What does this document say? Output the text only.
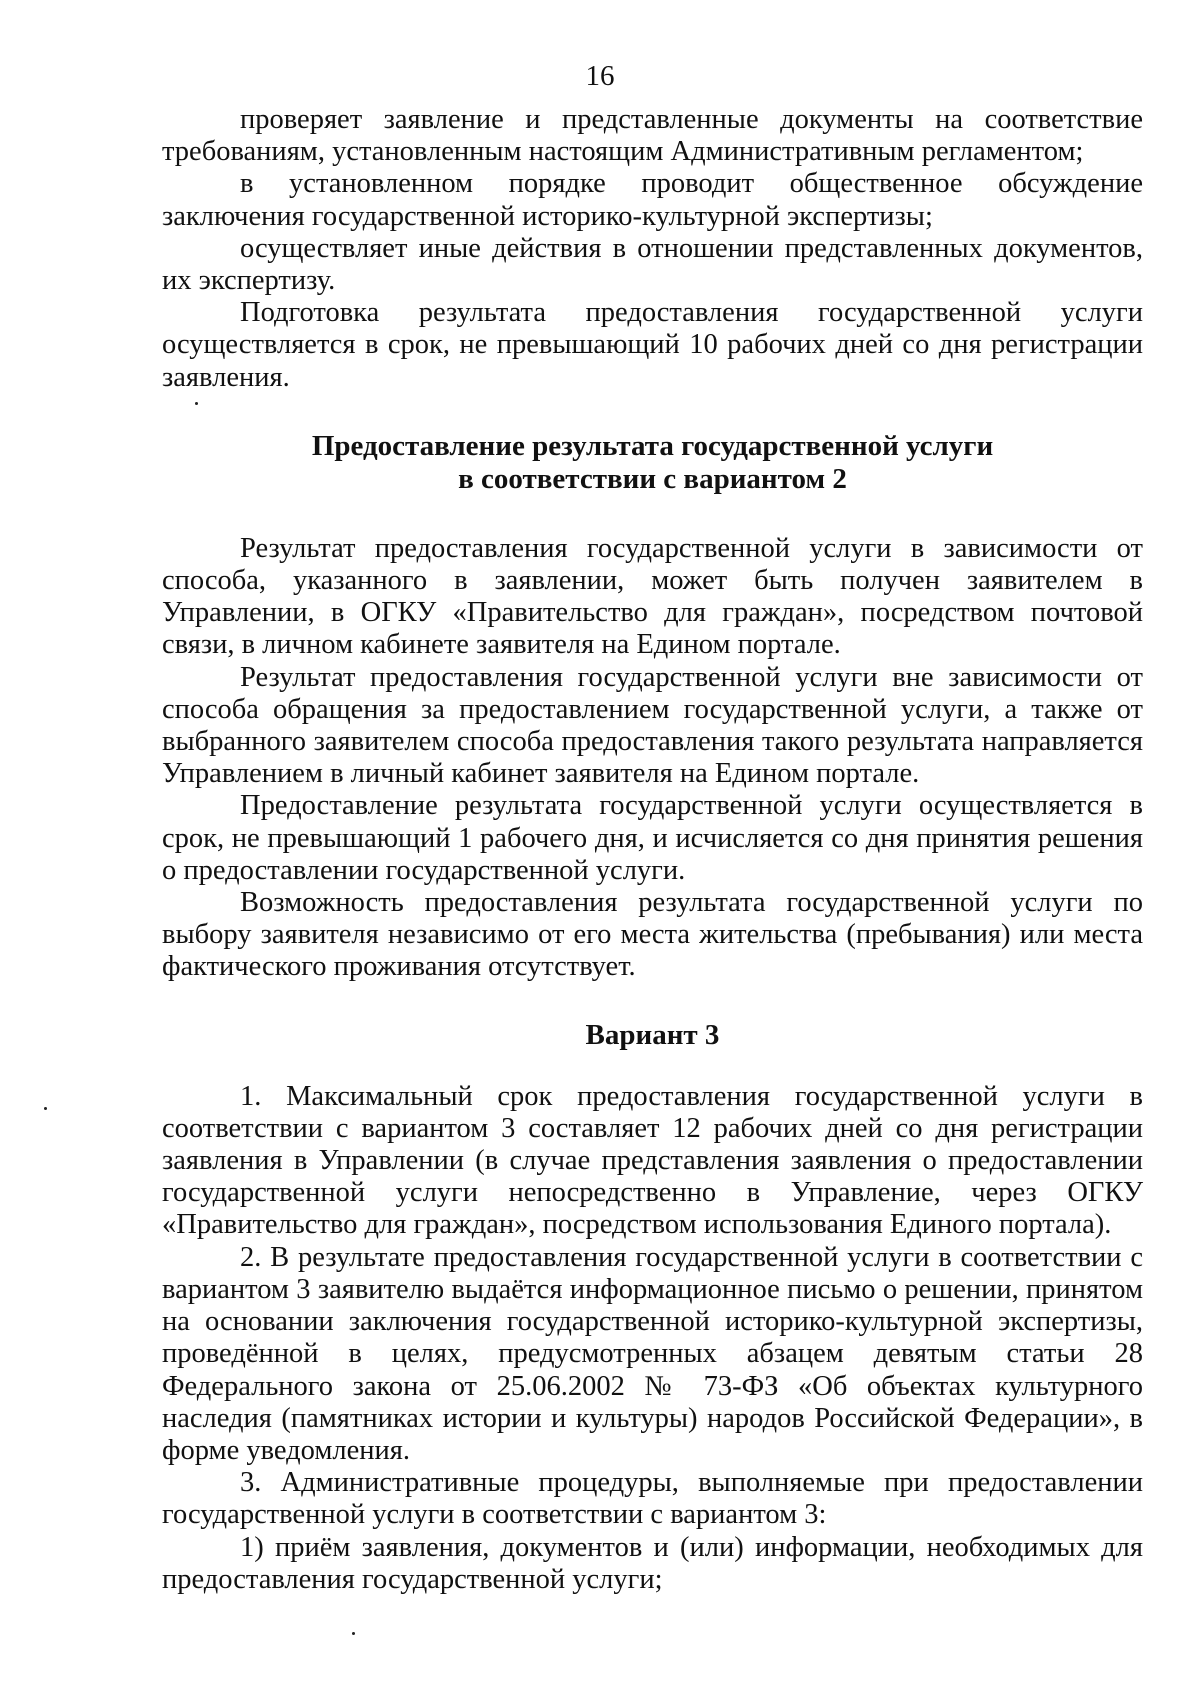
16

проверяет заявление и представленные документы на соответствие требованиям, установленным настоящим Административным регламентом;

в установленном порядке проводит общественное обсуждение заключения государственной историко-культурной экспертизы;

осуществляет иные действия в отношении представленных документов, их экспертизу.

Подготовка результата предоставления государственной услуги осуществляется в срок, не превышающий 10 рабочих дней со дня регистрации заявления.

Предоставление результата государственной услуги

в соответствии с вариантом 2

Результат предоставления государственной услуги в зависимости от способа, указанного в заявлении, может быть получен заявителем в Управлении, в ОГКУ «Правительство для граждан», посредством почтовой связи, в личном кабинете заявителя на Едином портале.

Результат предоставления государственной услуги вне зависимости от способа обращения за предоставлением государственной услуги, а также от выбранного заявителем способа предоставления такого результата направляется Управлением в личный кабинет заявителя на Едином портале.

Предоставление результата государственной услуги осуществляется в срок, не превышающий 1 рабочего дня, и исчисляется со дня принятия решения о предоставлении государственной услуги.

Возможность предоставления результата государственной услуги по выбору заявителя независимо от его места жительства (пребывания) или места фактического проживания отсутствует.

Вариант 3

1. Максимальный срок предоставления государственной услуги в соответствии с вариантом 3 составляет 12 рабочих дней со дня регистрации заявления в Управлении (в случае представления заявления о предоставлении государственной услуги непосредственно в Управление, через ОГКУ «Правительство для граждан», посредством использования Единого портала).

2. В результате предоставления государственной услуги в соответствии с вариантом 3 заявителю выдаётся информационное письмо о решении, принятом на основании заключения государственной историко-культурной экспертизы, проведённой в целях, предусмотренных абзацем девятым статьи 28 Федерального закона от 25.06.2002 № 73-ФЗ «Об объектах культурного наследия (памятниках истории и культуры) народов Российской Федерации», в форме уведомления.

3. Административные процедуры, выполняемые при предоставлении государственной услуги в соответствии с вариантом 3:

1) приём заявления, документов и (или) информации, необходимых для предоставления государственной услуги;
